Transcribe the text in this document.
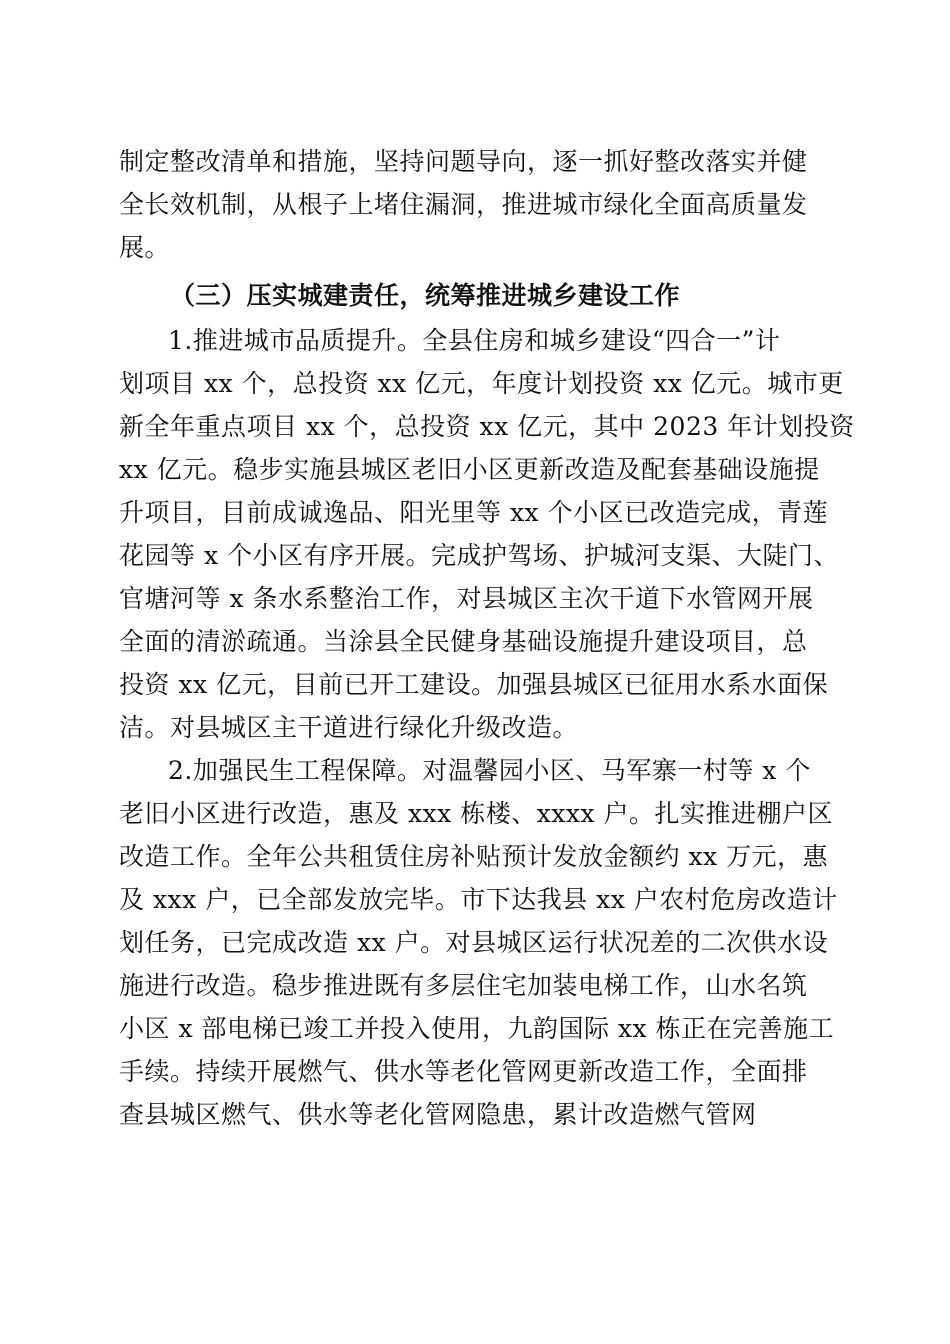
制定整改清单和措施，坚持问题导向，逐一抓好整改落实并健
全长效机制，从根子上堵住漏洞，推进城市绿化全面高质量发
展。
（三）压实城建责任，统筹推进城乡建设工作
1.推进城市品质提升。全县住房和城乡建设“四合一”计
划项目 xx 个，总投资 xx 亿元，年度计划投资 xx 亿元。城市更
新全年重点项目 xx 个，总投资 xx 亿元，其中 2023 年计划投资
xx 亿元。稳步实施县城区老旧小区更新改造及配套基础设施提
升项目，目前成诚逸品、阳光里等 xx 个小区已改造完成，青莲
花园等 x 个小区有序开展。完成护驾场、护城河支渠、大陡门、
官塘河等 x 条水系整治工作，对县城区主次干道下水管网开展
全面的清淤疏通。当涂县全民健身基础设施提升建设项目，总
投资 xx 亿元，目前已开工建设。加强县城区已征用水系水面保
洁。对县城区主干道进行绿化升级改造。
2.加强民生工程保障。对温馨园小区、马军寨一村等 x 个
老旧小区进行改造，惠及 xxx 栋楼、xxxx 户。扎实推进棚户区
改造工作。全年公共租赁住房补贴预计发放金额约 xx 万元，惠
及 xxx 户，已全部发放完毕。市下达我县 xx 户农村危房改造计
划任务，已完成改造 xx 户。对县城区运行状况差的二次供水设
施进行改造。稳步推进既有多层住宅加装电梯工作，山水名筑
小区 x 部电梯已竣工并投入使用，九韵国际 xx 栋正在完善施工
手续。持续开展燃气、供水等老化管网更新改造工作，全面排
查县城区燃气、供水等老化管网隐患，累计改造燃气管网
